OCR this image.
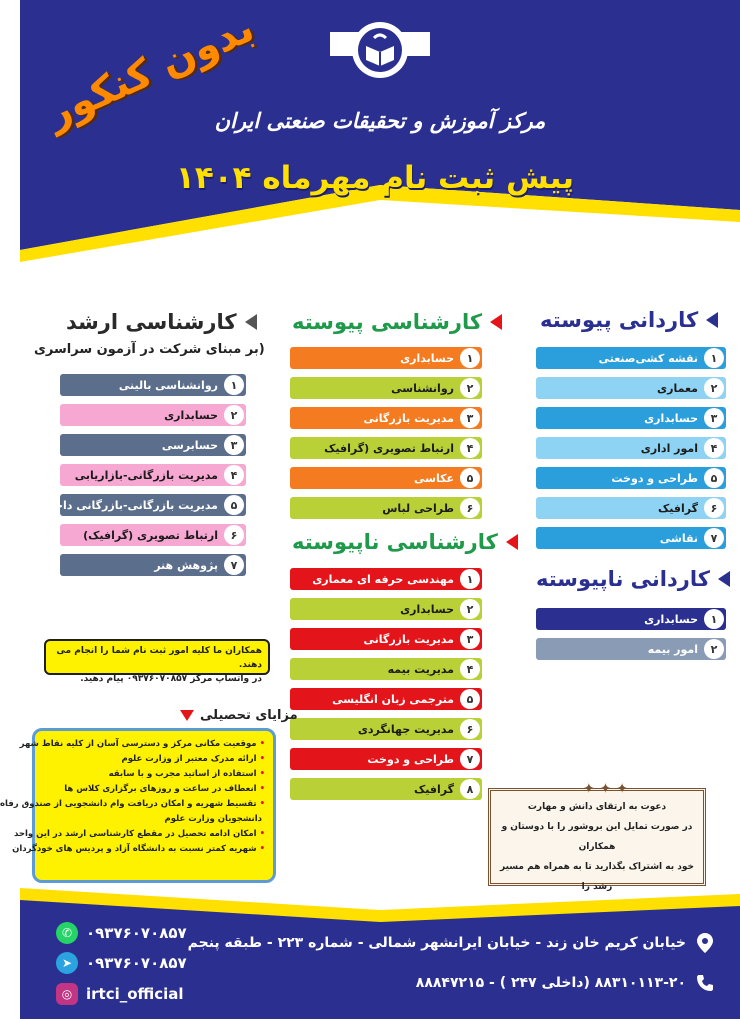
مرکز آموزش و تحقیقات صنعتی ایران
پیش ثبت نام مهرماه ۱۴۰۴
بدون کنکور
کاردانی پیوسته
۱
نقشه کشی‌صنعتی
۲
معماری
۳
حسابداری
۴
امور اداری
۵
طراحی و دوخت
۶
گرافیک
۷
نقاشی
کاردانی ناپیوسته
۱
حسابداری
۲
امور بیمه
کارشناسی پیوسته
۱
حسابداری
۲
روانشناسی
۳
مدیریت بازرگانی
۴
ارتباط تصویری (گرافیک
۵
عکاسی
۶
طراحی لباس
کارشناسی ناپیوسته
۱
مهندسی حرفه ای معماری
۲
حسابداری
۳
مدیریت بازرگانی
۴
مدیریت بیمه
۵
مترجمی زبان انگلیسی
۶
مدیریت جهانگردی
۷
طراحی و دوخت
۸
گرافیک
کارشناسی ارشد
(بر مبنای شرکت در آزمون سراسری
۱
روانشناسی بالینی
۲
حسابداری
۳
حسابرسی
۴
مدیریت بازرگانی-بازاریابی
۵
مدیریت بازرگانی-بازرگانی داخلی
۶
ارتباط تصویری (گرافیک)
۷
پژوهش هنر
همکاران ما کلیه امور ثبت نام شما را انجام می دهند.
در واتساپ مرکز ۰۹۳۷۶۰۷۰۸۵۷ پیام دهید.
مزایای تحصیلی
•موقعیت مکانی مرکز و دسترسی آسان از کلیه نقاط شهر
•ارائه مدرک معتبر از وزارت علوم
•استفاده از اساتید مجرب و با سابقه
•انعطاف در ساعت و روزهای برگزاری کلاس ها
•تقسیط شهریه و امکان دریافت وام دانشجویی از صندوق رفاه
دانشجویان وزارت علوم
•امکان ادامه تحصیل در مقطع کارشناسی ارشد در این واحد
•شهریه کمتر نسبت به دانشگاه آزاد و پردیس های خودگردان
✦ ✦ ✦
دعوت به ارتقای دانش و مهارت
در صورت تمایل این بروشور را با دوستان و همکاران
خود به اشتراک بگذارید تا به همراه هم مسیر رشد را
خیابان کریم خان زند - خیابان ایرانشهر شمالی - شماره ۲۲۳ - طبقه پنجم
۸۸۳۱۰۱۱۳-۲۰ (داخلی ۲۴۷ ) - ۸۸۸۴۷۲۱۵
✆ ۰۹۳۷۶۰۷۰۸۵۷
➤ ۰۹۳۷۶۰۷۰۸۵۷
◎ irtci_official
